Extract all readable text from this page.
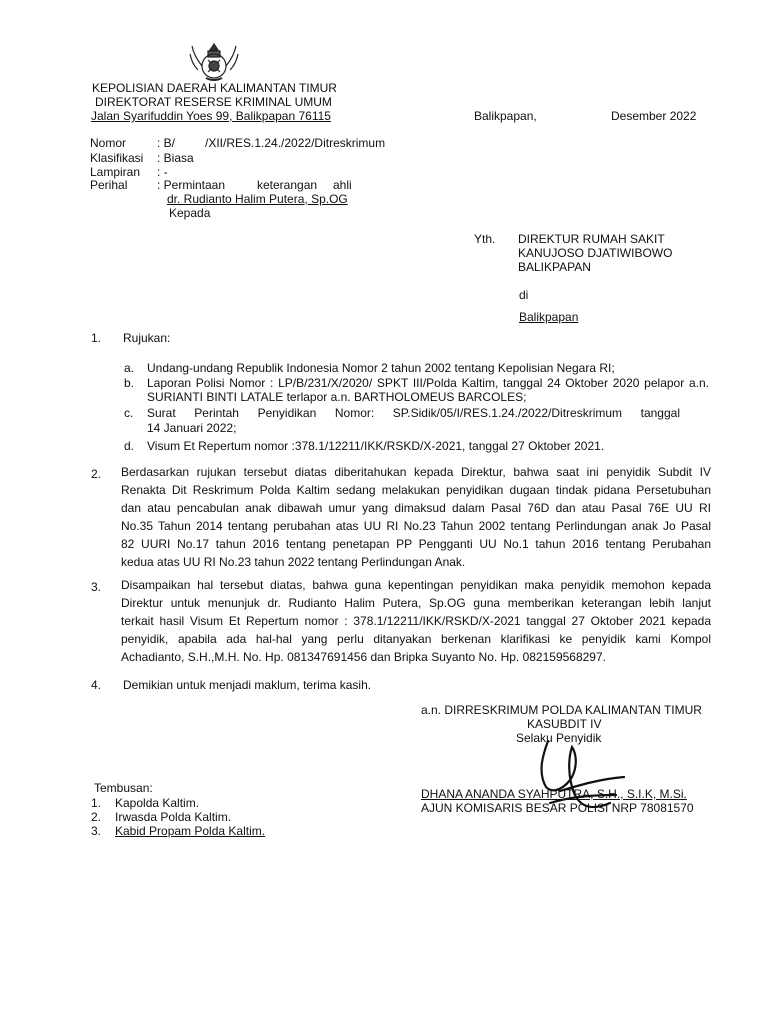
KEPOLISIAN DAERAH KALIMANTAN TIMUR
DIREKTORAT RESERSE KRIMINAL UMUM
Jalan Syarifuddin Yoes 99, Balikpapan 76115	Balikpapan,	Desember 2022
Nomor	: B/         /XII/RES.1.24./2022/Ditreskrimum
Klasifikasi : Biasa
Lampiran : -
Perihal : Permintaan	keterangan ahli
dr. Rudianto Halim Putera, Sp.OG
Kepada
Yth. DIREKTUR RUMAH SAKIT
KANUJOSO DJATIWIBOWO
BALIKPAPAN
di
Balikpapan
1. Rujukan:
a. Undang-undang Republik Indonesia Nomor 2 tahun 2002 tentang Kepolisian Negara RI;
b. Laporan Polisi Nomor : LP/B/231/X/2020/ SPKT III/Polda Kaltim, tanggal 24 Oktober 2020 pelapor a.n.
SURIANTI BINTI LATALE terlapor a.n. BARTHOLOMEUS BARCOLES;
c. Surat Perintah Penyidikan Nomor: SP.Sidik/05/I/RES.1.24./2022/Ditreskrimum tanggal
14 Januari 2022;
d. Visum Et Repertum nomor :378.1/12211/IKK/RSKD/X-2021, tanggal 27 Oktober 2021.
2. Berdasarkan rujukan tersebut diatas diberitahukan kepada Direktur, bahwa saat ini penyidik Subdit IV
Renakta Dit Reskrimum Polda Kaltim sedang melakukan penyidikan dugaan tindak pidana Persetubuhan
dan atau pencabulan anak dibawah umur yang dimaksud dalam Pasal 76D dan atau Pasal 76E UU RI
No.35 Tahun 2014 tentang perubahan atas UU RI No.23 Tahun 2002 tentang Perlindungan anak Jo Pasal
82 UURI No.17 tahun 2016 tentang penetapan PP Pengganti UU No.1 tahun 2016 tentang Perubahan
kedua atas UU RI No.23 tahun 2022 tentang Perlindungan Anak.
3. Disampaikan hal tersebut diatas, bahwa guna kepentingan penyidikan maka penyidik memohon kepada
Direktur untuk menunjuk dr. Rudianto Halim Putera, Sp.OG guna memberikan keterangan lebih lanjut
terkait hasil Visum Et Repertum nomor : 378.1/12211/IKK/RSKD/X-2021 tanggal 27 Oktober 2021 kepada
penyidik, apabila ada hal-hal yang perlu ditanyakan berkenan klarifikasi ke penyidik kami Kompol
Achadianto, S.H.,M.H. No. Hp. 081347691456 dan Bripka Suyanto No. Hp. 082159568297.
4. Demikian untuk menjadi maklum, terima kasih.
a.n. DIRRESKRIMUM POLDA KALIMANTAN TIMUR
KASUBDIT IV
Selaku Penyidik
DHANA ANANDA SYAHPUTRA, S.H., S.I.K, M.Si.
AJUN KOMISARIS BESAR POLISI NRP 78081570
Tembusan:
1. Kapolda Kaltim.
2. Irwasda Polda Kaltim.
3. Kabid Propam Polda Kaltim.
